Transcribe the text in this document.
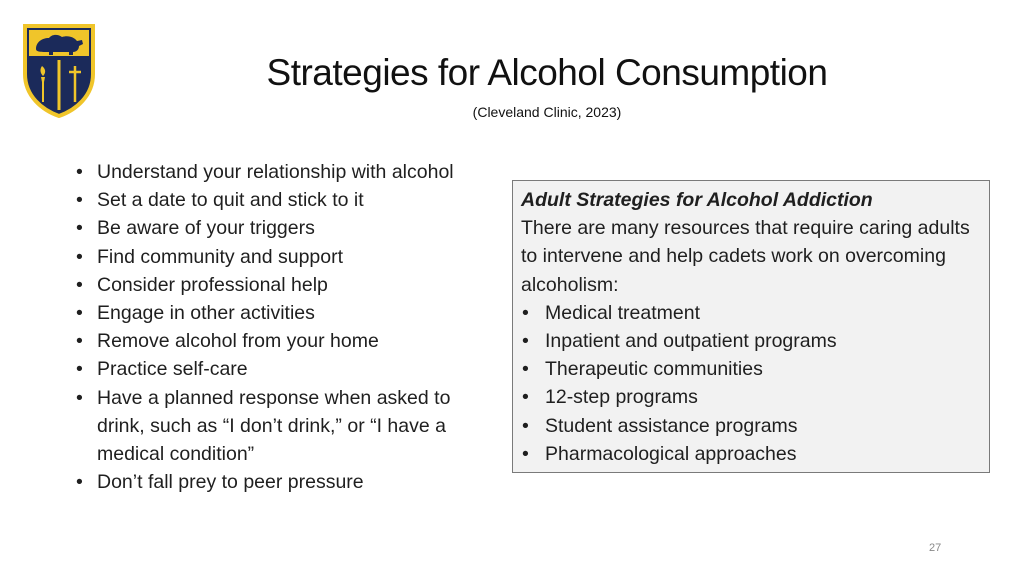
Strategies for Alcohol Consumption
(Cleveland Clinic, 2023)
• Understand your relationship with alcohol
• Set a date to quit and stick to it
• Be aware of your triggers
• Find community and support
• Consider professional help
• Engage in other activities
• Remove alcohol from your home
• Practice self-care
• Have a planned response when asked to drink, such as “I don’t drink,” or “I have a medical condition”
• Don’t fall prey to peer pressure
Adult Strategies for Alcohol Addiction
There are many resources that require caring adults to intervene and help cadets work on overcoming alcoholism:
• Medical treatment
• Inpatient and outpatient programs
• Therapeutic communities
• 12-step programs
• Student assistance programs
• Pharmacological approaches
27
